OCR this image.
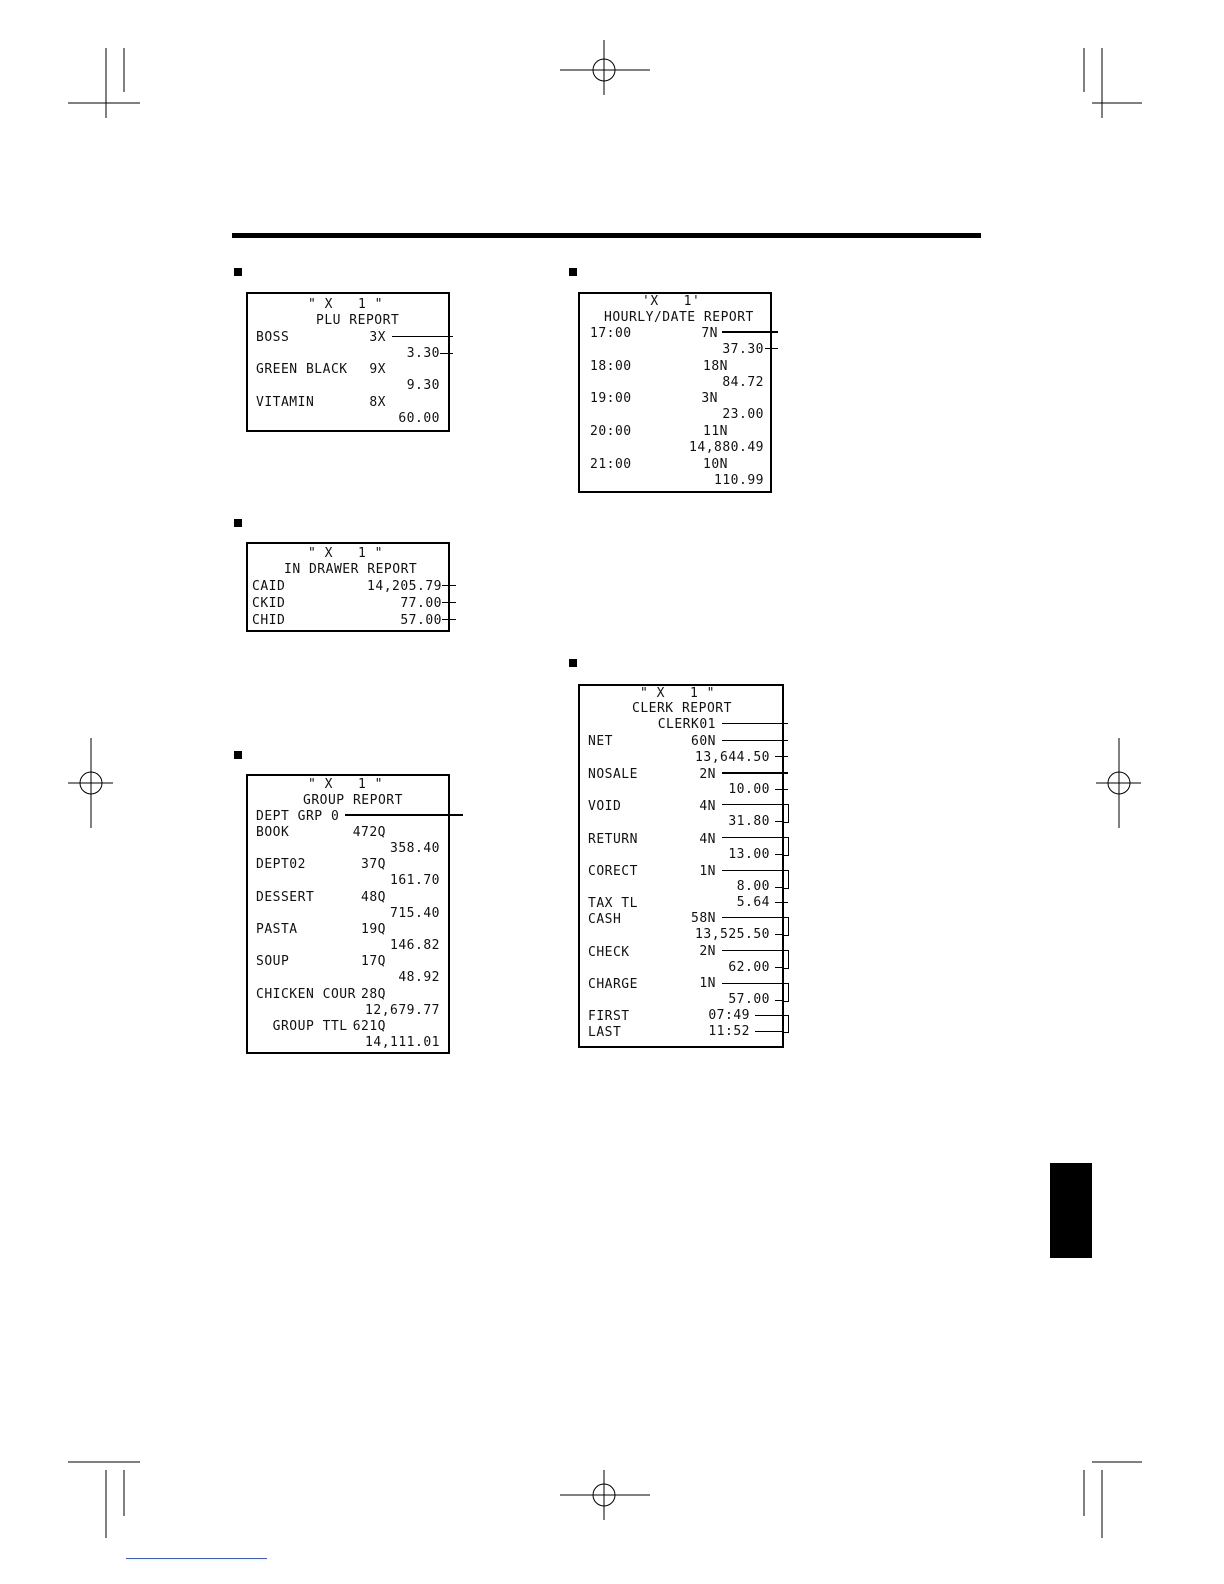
" X   1 "
PLU REPORT
BOSS	3X
3.30
GREEN BLACK 9X
9.30
VITAMIN	8X
60.00
" X   1 "
IN DRAWER REPORT
CAID	14,205.79
CKID	77.00
CHID	57.00
" X   1 "
GROUP REPORT
DEPT GRP 0
BOOK	472Q
358.40
DEPT02	37Q
161.70
DESSERT	48Q
715.40
PASTA	19Q
146.82
SOUP	17Q
48.92
CHICKEN COUR 28Q
12,679.77
GROUP TTL 621Q
14,111.01
'X   1'
HOURLY/DATE REPORT
17:00	7N
37.30
18:00	18N
84.72
19:00	3N
23.00
20:00	11N
14,880.49
21:00	10N
110.99
" X   1 "
CLERK REPORT
CLERK01
NET	60N
13,644.50
NOSALE	2N
10.00
VOID	4N
31.80
RETURN	4N
13.00
CORECT	1N
8.00
TAX TL	5.64
CASH	58N
13,525.50
CHECK	2N
62.00
CHARGE	1N
57.00
FIRST	07:49
LAST	11:52
